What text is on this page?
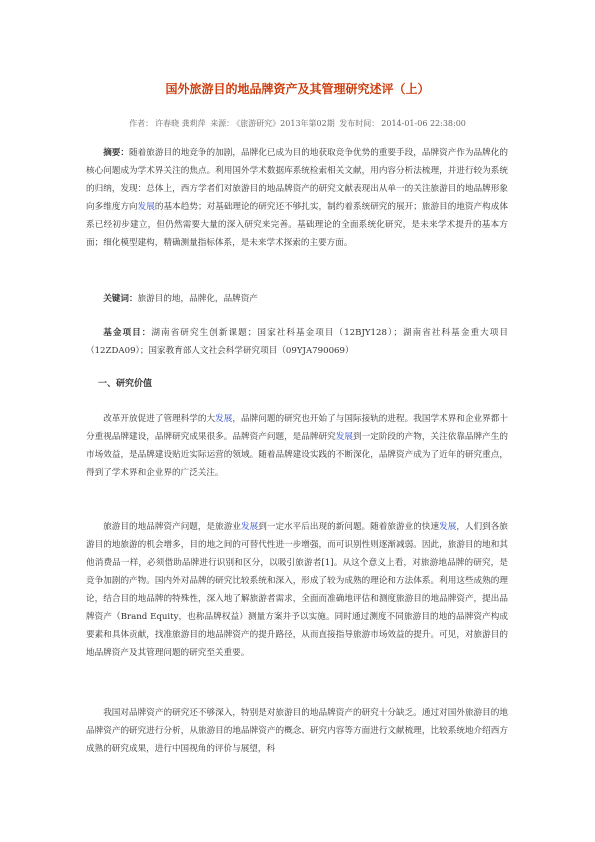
国外旅游目的地品牌资产及其管理研究述评（上）
作者： 许春晓 龚莉萍 来源： 《旅游研究》2013年第02期 发布时间： 2014-01-06 22:38:00

摘要：随着旅游目的地竞争的加剧，品牌化已成为目的地获取竞争优势的重要手段，品牌资产作为品牌化的核心问题成为学术界关注的焦点。利用国外学术数据库系统检索相关文献，用内容分析法梳理，并进行较为系统的归纳，发现：总体上，西方学者们对旅游目的地品牌资产的研究文献表现出从单一的关注旅游目的地品牌形象向多维度方向发展的基本趋势；对基础理论的研究还不够扎实，制约着系统研究的展开；旅游目的地资产构成体系已经初步建立，但仍然需要大量的深入研究来完善。基础理论的全面系统化研究，是未来学术提升的基本方面；细化模型建构，精确测量指标体系，是未来学术探索的主要方面。

关键词：旅游目的地，品牌化，品牌资产

基金项目：湖南省研究生创新课题；国家社科基金项目（12BJY128）；湖南省社科基金重大项目（12ZDA09）；国家教育部人文社会科学研究项目（09YJA790069）

一、研究价值

改革开放促进了管理科学的大发展，品牌问题的研究也开始了与国际接轨的进程。我国学术界和企业界都十分重视品牌建设，品牌研究成果很多。品牌资产问题，是品牌研究发展到一定阶段的产物，关注依靠品牌产生的市场效益，是品牌建设贴近实际运营的领域。随着品牌建设实践的不断深化，品牌资产成为了近年的研究重点，得到了学术界和企业界的广泛关注。

旅游目的地品牌资产问题，是旅游业发展到一定水平后出现的新问题。随着旅游业的快速发展，人们到各旅游目的地旅游的机会增多，目的地之间的可替代性进一步增强，而可识别性则逐渐减弱。因此，旅游目的地和其他消费品一样，必须借助品牌进行识别和区分，以吸引旅游者[1]。从这个意义上看，对旅游地品牌的研究，是竞争加剧的产物。国内外对品牌的研究比较系统和深入，形成了较为成熟的理论和方法体系。利用这些成熟的理论，结合目的地品牌的特殊性，深入地了解旅游者需求，全面而准确地评估和测度旅游目的地品牌资产，提出品牌资产（Brand Equity，也称品牌权益）测量方案并予以实施。同时通过测度不同旅游目的地的品牌资产构成要素和具体贡献，找准旅游目的地品牌资产的提升路径，从而直接指导旅游市场效益的提升。可见，对旅游目的地品牌资产及其管理问题的研究至关重要。

我国对品牌资产的研究还不够深入，特别是对旅游目的地品牌资产的研究十分缺乏。通过对国外旅游目的地品牌资产的研究进行分析，从旅游目的地品牌资产的概念、研究内容等方面进行文献梳理，比较系统地介绍西方成熟的研究成果，进行中国视角的评价与展望，科
